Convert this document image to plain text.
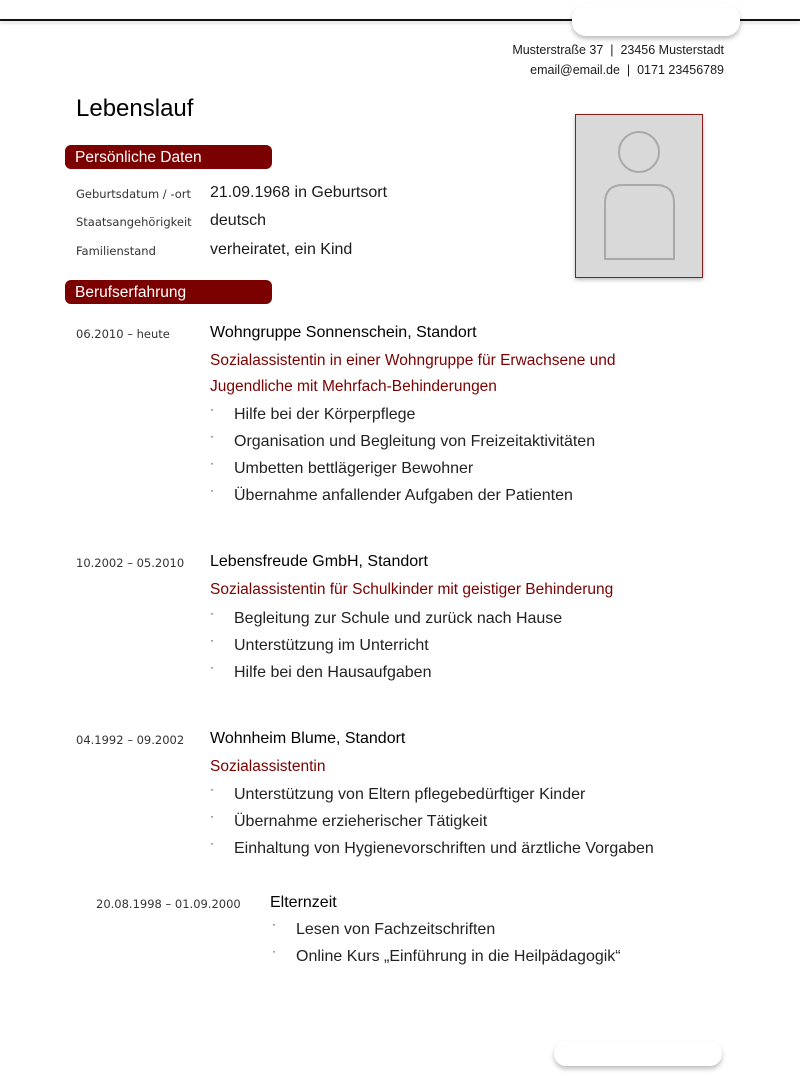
Musterstraße 37  |  23456 Musterstadt
email@email.de  |  0171 23456789
Lebenslauf
Persönliche Daten
Geburtsdatum / -ort 21.09.1968 in Geburtsort
Staatsangehörigkeit deutsch
Familienstand	verheiratet, ein Kind
Berufserfahrung
06.2010 – heute	Wohngruppe Sonnenschein, Standort
Sozialassistentin in einer Wohngruppe für Erwachsene und Jugendliche mit Mehrfach-Behinderungen
· Hilfe bei der Körperpflege
· Organisation und Begleitung von Freizeitaktivitäten
· Umbetten bettlägeriger Bewohner
· Übernahme anfallender Aufgaben der Patienten
10.2002 – 05.2010 Lebensfreude GmbH, Standort
Sozialassistentin für Schulkinder mit geistiger Behinderung
· Begleitung zur Schule und zurück nach Hause
· Unterstützung im Unterricht
· Hilfe bei den Hausaufgaben
04.1992 – 09.2002 Wohnheim Blume, Standort
Sozialassistentin
· Unterstützung von Eltern pflegebedürftiger Kinder
· Übernahme erzieherischer Tätigkeit
· Einhaltung von Hygienevorschriften und ärztliche Vorgaben
20.08.1998 – 01.09.2000 Elternzeit
· Lesen von Fachzeitschriften
· Online Kurs „Einführung in die Heilpädagogik“
